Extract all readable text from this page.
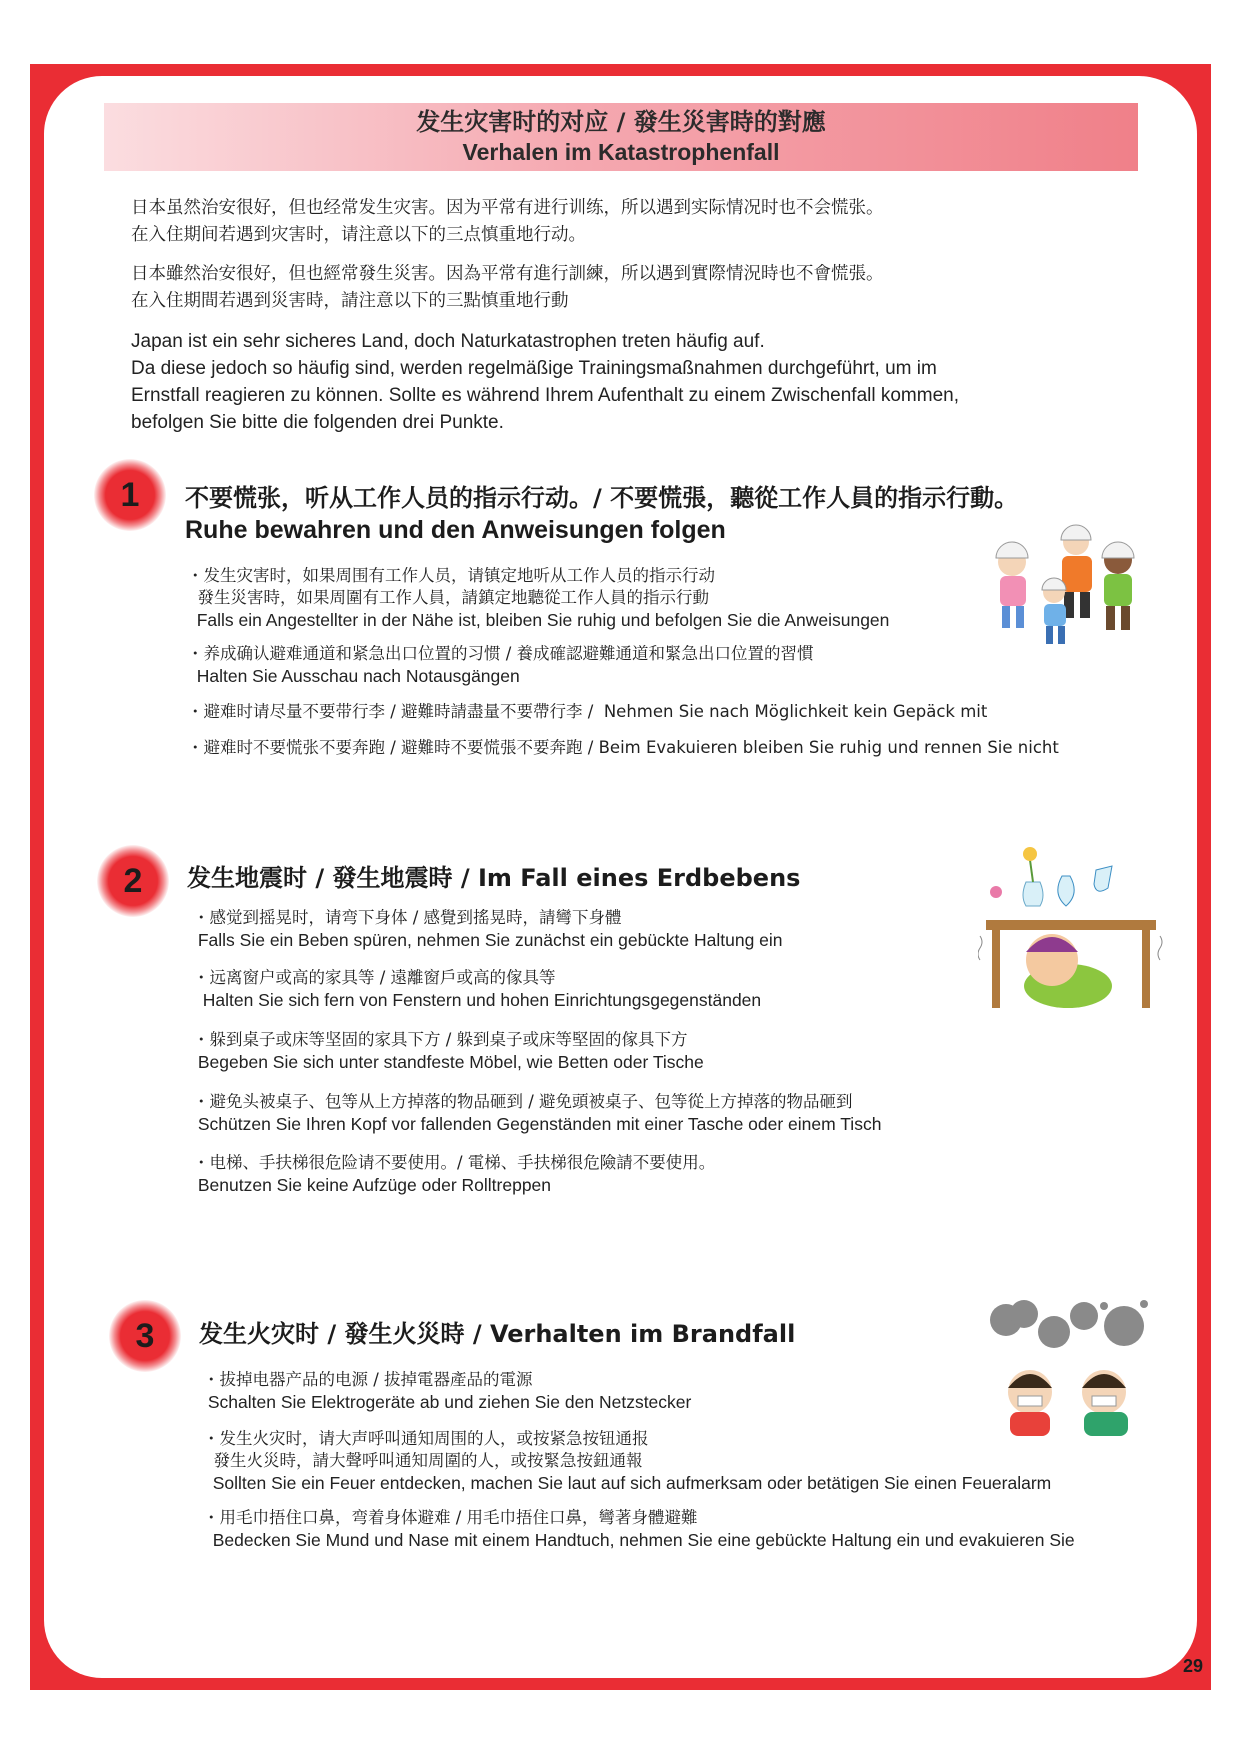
发生灾害时的对应 / 發生災害時的對應
Verhalen im Katastrophenfall
日本虽然治安很好，但也经常发生灾害。因为平常有进行训练，所以遇到实际情况时也不会慌张。
在入住期间若遇到灾害时，请注意以下的三点慎重地行动。
日本雖然治安很好，但也經常發生災害。因為平常有進行訓練，所以遇到實際情況時也不會慌張。
在入住期間若遇到災害時，請注意以下的三點慎重地行動
Japan ist ein sehr sicheres Land, doch Naturkatastrophen treten häufig auf.
Da diese jedoch so häufig sind, werden regelmäßige Trainingsmaßnahmen durchgeführt, um im
Ernstfall reagieren zu können. Sollte es während Ihrem Aufenthalt zu einem Zwischenfall kommen,
befolgen Sie bitte die folgenden drei Punkte.
1	不要慌张，听从工作人员的指示行动。/ 不要慌張，聽從工作人員的指示行動。
Ruhe bewahren und den Anweisungen folgen
・发生灾害时，如果周围有工作人员，请镇定地听从工作人员的指示行动
發生災害時，如果周圍有工作人員，請鎮定地聽從工作人員的指示行動
Falls ein Angestellter in der Nähe ist, bleiben Sie ruhig und befolgen Sie die Anweisungen
・养成确认避难通道和紧急出口位置的习惯 / 養成確認避難通道和緊急出口位置的習慣
Halten Sie Ausschau nach Notausgängen
・避难时请尽量不要带行李 / 避難時請盡量不要帶行李 /  Nehmen Sie nach Möglichkeit kein Gepäck mit
・避难时不要慌张不要奔跑 / 避難時不要慌張不要奔跑 / Beim Evakuieren bleiben Sie ruhig und rennen Sie nicht
2	发生地震时 / 發生地震時 / Im Fall eines Erdbebens
・感觉到摇晃时，请弯下身体 / 感覺到搖晃時，請彎下身體
Falls Sie ein Beben spüren, nehmen Sie zunächst ein gebückte Haltung ein
・远离窗户或高的家具等 / 遠離窗戶或高的傢具等
Halten Sie sich fern von Fenstern und hohen Einrichtungsgegenständen
・躲到桌子或床等坚固的家具下方 / 躲到桌子或床等堅固的傢具下方
Begeben Sie sich unter standfeste Möbel, wie Betten oder Tische
・避免头被桌子、包等从上方掉落的物品砸到 / 避免頭被桌子、包等從上方掉落的物品砸到
Schützen Sie Ihren Kopf vor fallenden Gegenständen mit einer Tasche oder einem Tisch
・电梯、手扶梯很危险请不要使用。/ 電梯、手扶梯很危險請不要使用。
Benutzen Sie keine Aufzüge oder Rolltreppen
3	发生火灾时 / 發生火災時 / Verhalten im Brandfall
・拔掉电器产品的电源 / 拔掉電器產品的電源
Schalten Sie Elektrogeräte ab und ziehen Sie den Netzstecker
・发生火灾时，请大声呼叫通知周围的人，或按紧急按钮通报
發生火災時，請大聲呼叫通知周圍的人，或按緊急按鈕通報
Sollten Sie ein Feuer entdecken, machen Sie laut auf sich aufmerksam oder betätigen Sie einen Feueralarm
・用毛巾捂住口鼻，弯着身体避难 / 用毛巾捂住口鼻，彎著身體避難
Bedecken Sie Mund und Nase mit einem Handtuch, nehmen Sie eine gebückte Haltung ein und evakuieren Sie
29
